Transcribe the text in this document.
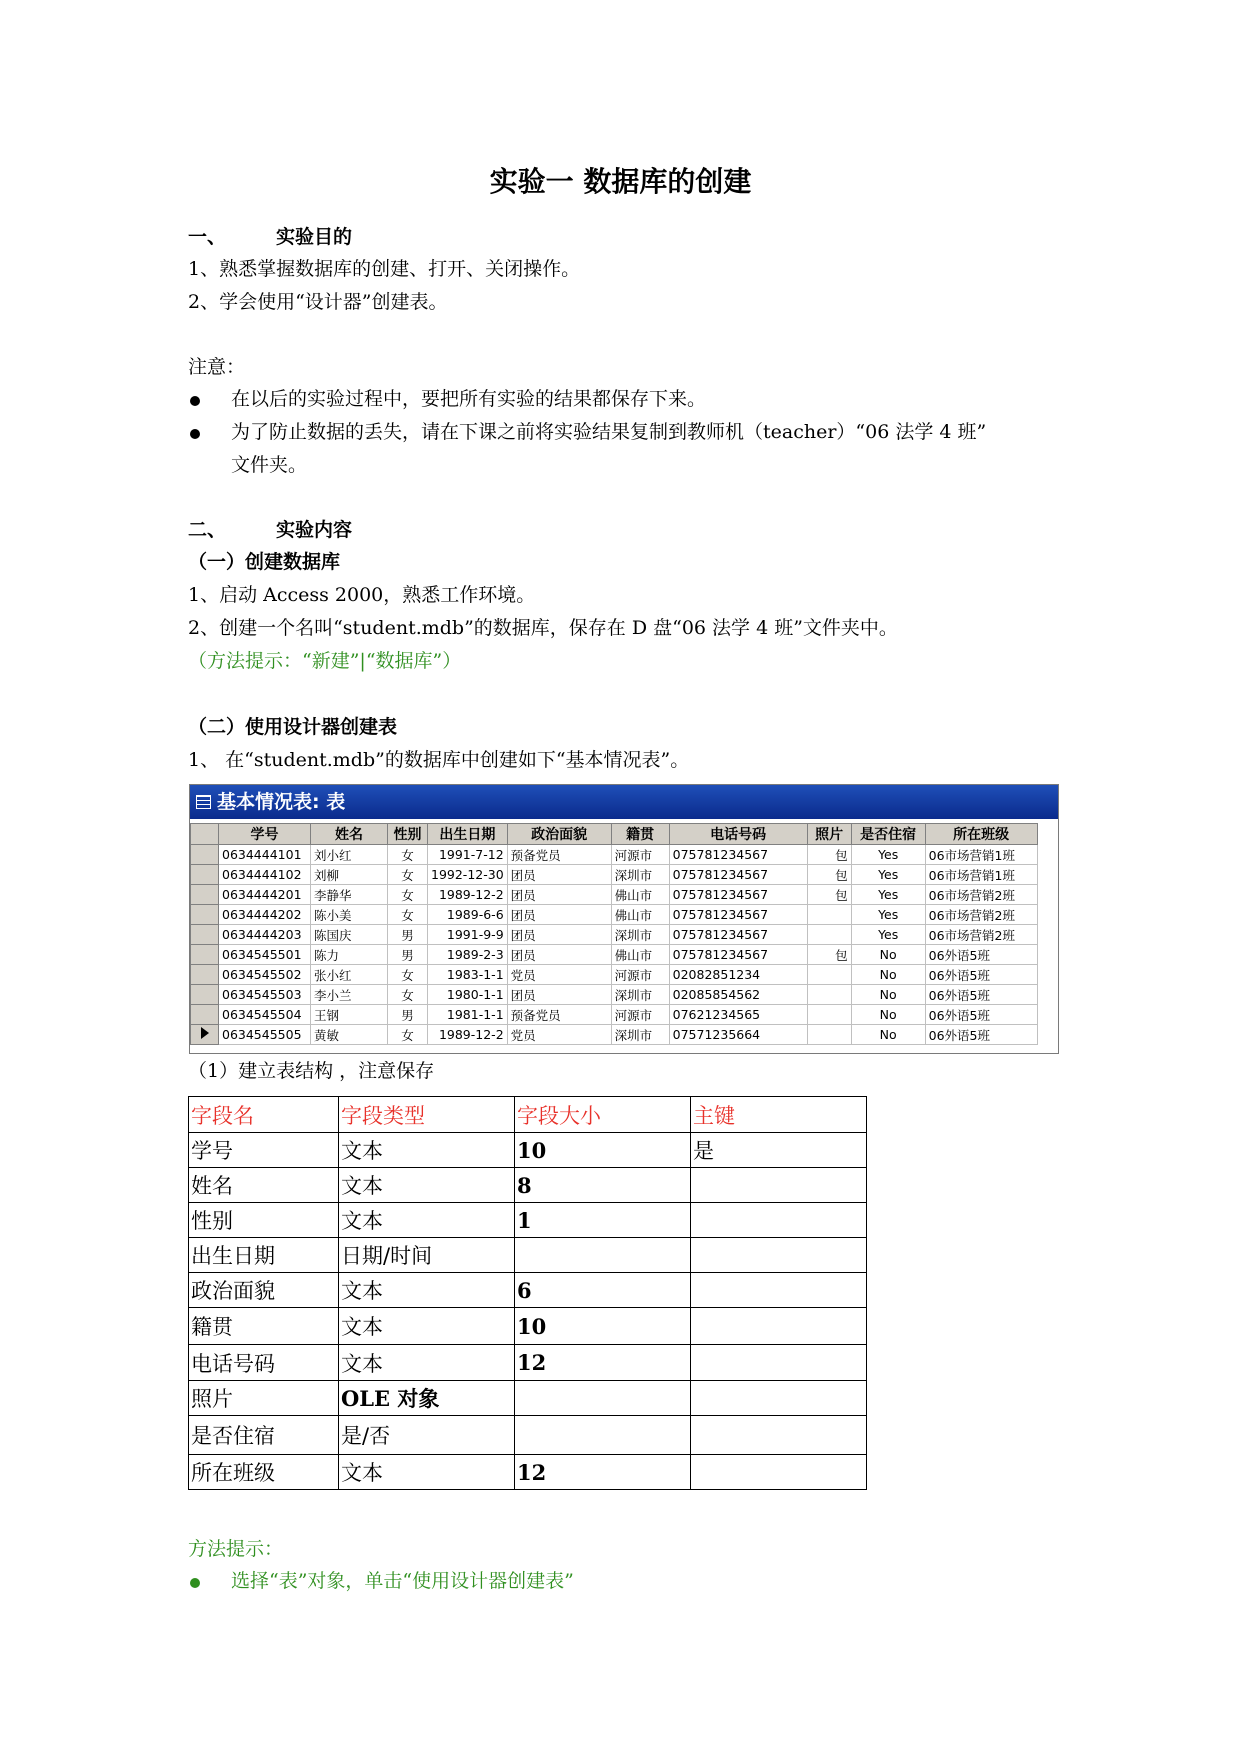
实验一 数据库的创建
一、	实验目的
1、熟悉掌握数据库的创建、打开、关闭操作。
2、学会使用“设计器”创建表。
注意：
在以后的实验过程中，要把所有实验的结果都保存下来。
为了防止数据的丢失，请在下课之前将实验结果复制到教师机（teacher）“06 法学 4 班”
文件夹。
二、	实验内容
（一）创建数据库
1、启动 Access 2000，熟悉工作环境。
2、创建一个名叫“student.mdb”的数据库，保存在 D 盘“06 法学 4 班”文件夹中。
（方法提示：“新建”|“数据库”）
（二）使用设计器创建表
1、 在“student.mdb”的数据库中创建如下“基本情况表”。
基本情况表: 表
	学号	姓名	性别	出生日期	政治面貌	籍贯	电话号码	照片	是否住宿	所在班级
	0634444101	刘小红	女	1991-7-12	预备党员	河源市	075781234567	包	Yes	06市场营销1班
	0634444102	刘柳	女	1992-12-30	团员	深圳市	075781234567	包	Yes	06市场营销1班
	0634444201	李静华	女	1989-12-2	团员	佛山市	075781234567	包	Yes	06市场营销2班
	0634444202	陈小美	女	1989-6-6	团员	佛山市	075781234567		Yes	06市场营销2班
	0634444203	陈国庆	男	1991-9-9	团员	深圳市	075781234567		Yes	06市场营销2班
	0634545501	陈力	男	1989-2-3	团员	佛山市	075781234567	包	No	06外语5班
	0634545502	张小红	女	1983-1-1	党员	河源市	02082851234		No	06外语5班
	0634545503	李小兰	女	1980-1-1	团员	深圳市	02085854562		No	06外语5班
	0634545504	王钢	男	1981-1-1	预备党员	河源市	07621234565		No	06外语5班
	0634545505	黄敏	女	1989-12-2	党员	深圳市	07571235664		No	06外语5班
（1）建立表结构 ，注意保存
字段名	字段类型	字段大小	主键
学号	文本	10	是
姓名	文本	8	
性别	文本	1	
出生日期	日期/时间		
政治面貌	文本	6	
籍贯	文本	10	
电话号码	文本	12	
照片	OLE 对象		
是否住宿	是/否		
所在班级	文本	12	
方法提示：
选择“表”对象，单击“使用设计器创建表”
